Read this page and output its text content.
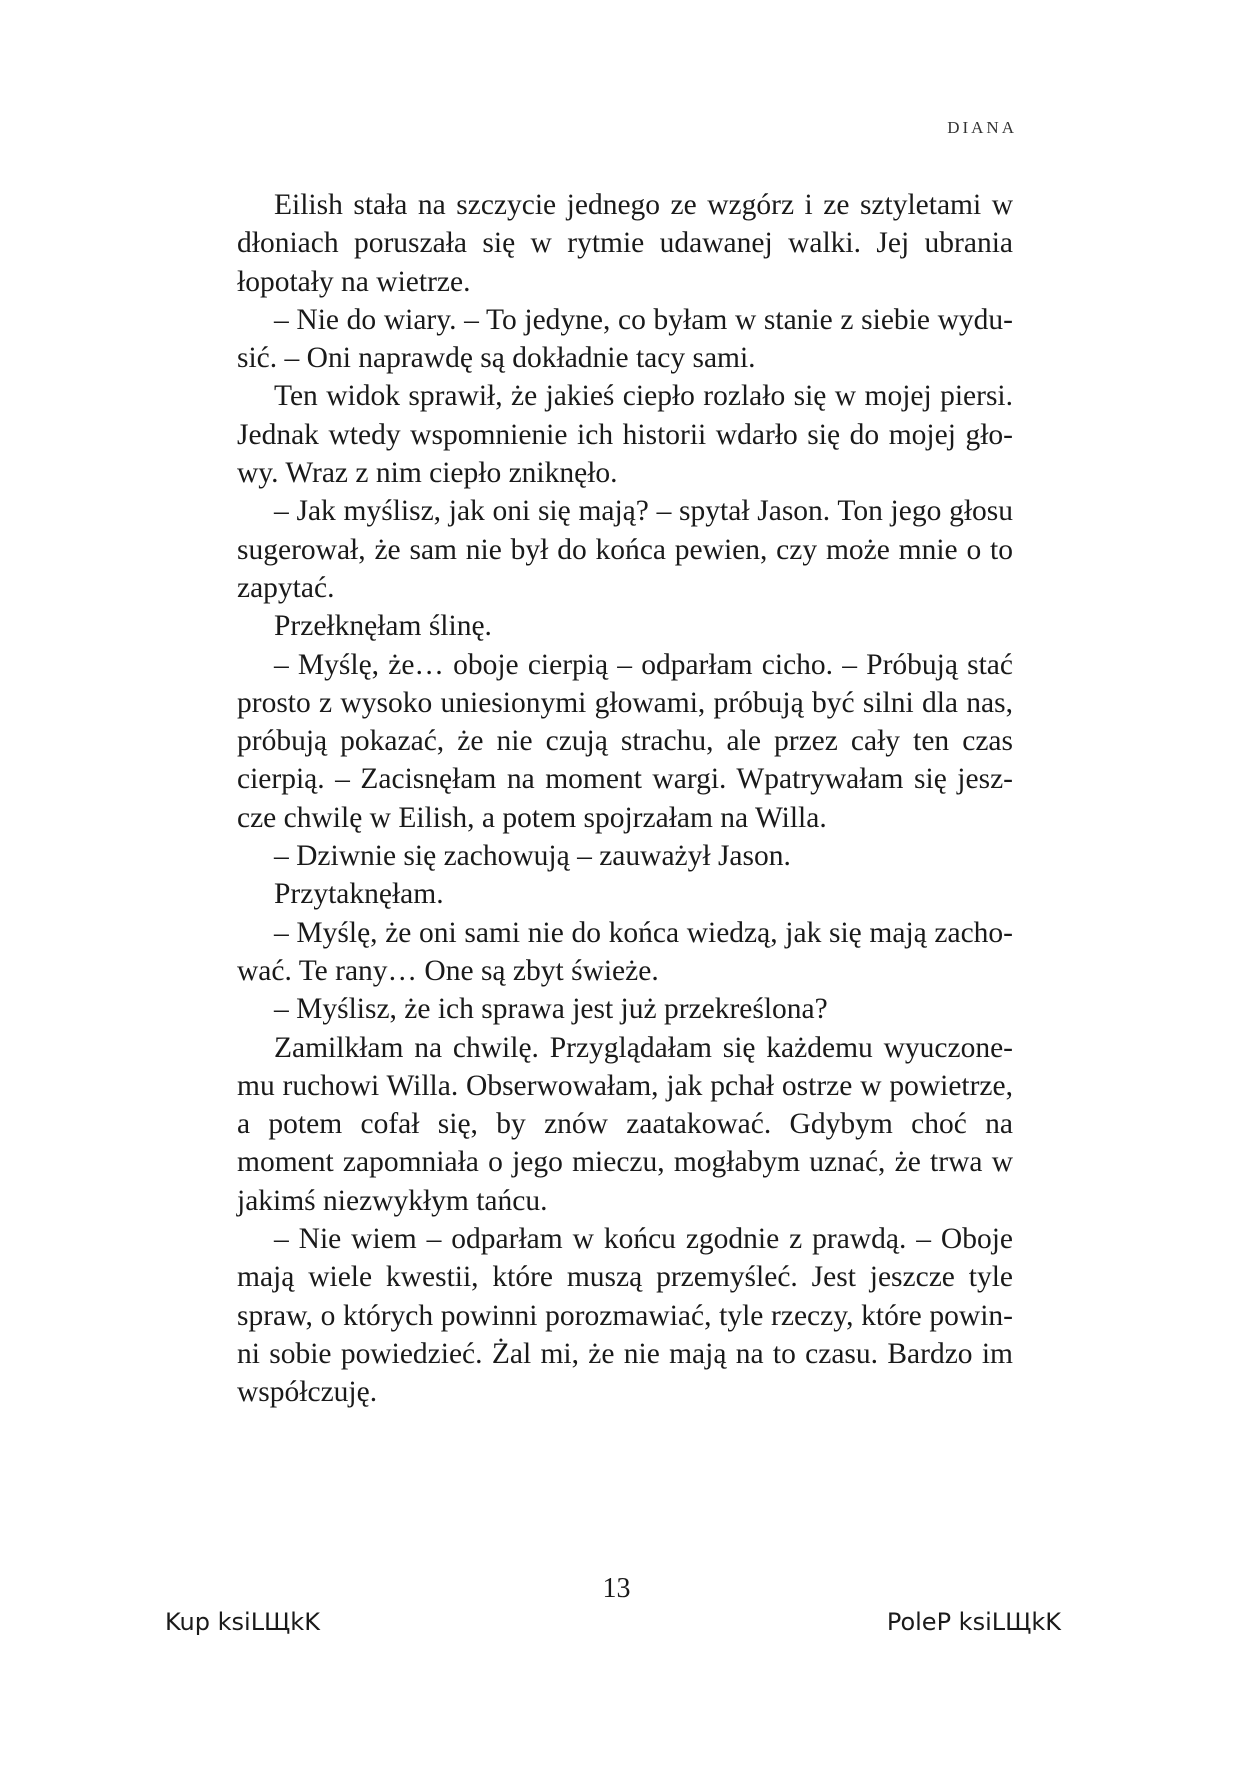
DIANA

Eilish stała na szczycie jednego ze wzgórz i ze sztyletami w dłoniach poruszała się w rytmie udawanej walki. Jej ubrania łopotały na wietrze.

– Nie do wiary. – To jedyne, co byłam w stanie z siebie wydusić. – Oni naprawdę są dokładnie tacy sami.

Ten widok sprawił, że jakieś ciepło rozlało się w mojej piersi. Jednak wtedy wspomnienie ich historii wdarło się do mojej głowy. Wraz z nim ciepło zniknęło.

– Jak myślisz, jak oni się mają? – spytał Jason. Ton jego głosu sugerował, że sam nie był do końca pewien, czy może mnie o to zapytać.

Przełknęłam ślinę.

– Myślę, że… oboje cierpią – odparłam cicho. – Próbują stać prosto z wysoko uniesionymi głowami, próbują być silni dla nas, próbują pokazać, że nie czują strachu, ale przez cały ten czas cierpią. – Zacisnęłam na moment wargi. Wpatrywałam się jeszcze chwilę w Eilish, a potem spojrzałam na Willa.

– Dziwnie się zachowują – zauważył Jason.

Przytaknęłam.

– Myślę, że oni sami nie do końca wiedzą, jak się mają zachować. Te rany… One są zbyt świeże.

– Myślisz, że ich sprawa jest już przekreślona?

Zamilkłam na chwilę. Przyglądałam się każdemu wyuczonemu ruchowi Willa. Obserwowałam, jak pchał ostrze w powietrze, a potem cofał się, by znów zaatakować. Gdybym choć na moment zapomniała o jego mieczu, mogłabym uznać, że trwa w jakimś niezwykłym tańcu.

– Nie wiem – odparłam w końcu zgodnie z prawdą. – Oboje mają wiele kwestii, które muszą przemyśleć. Jest jeszcze tyle spraw, o których powinni porozmawiać, tyle rzeczy, które powinni sobie powiedzieć. Żal mi, że nie mają na to czasu. Bardzo im współczuję.

13
Kup ksiLЩkK	PoleP ksiLЩkK
